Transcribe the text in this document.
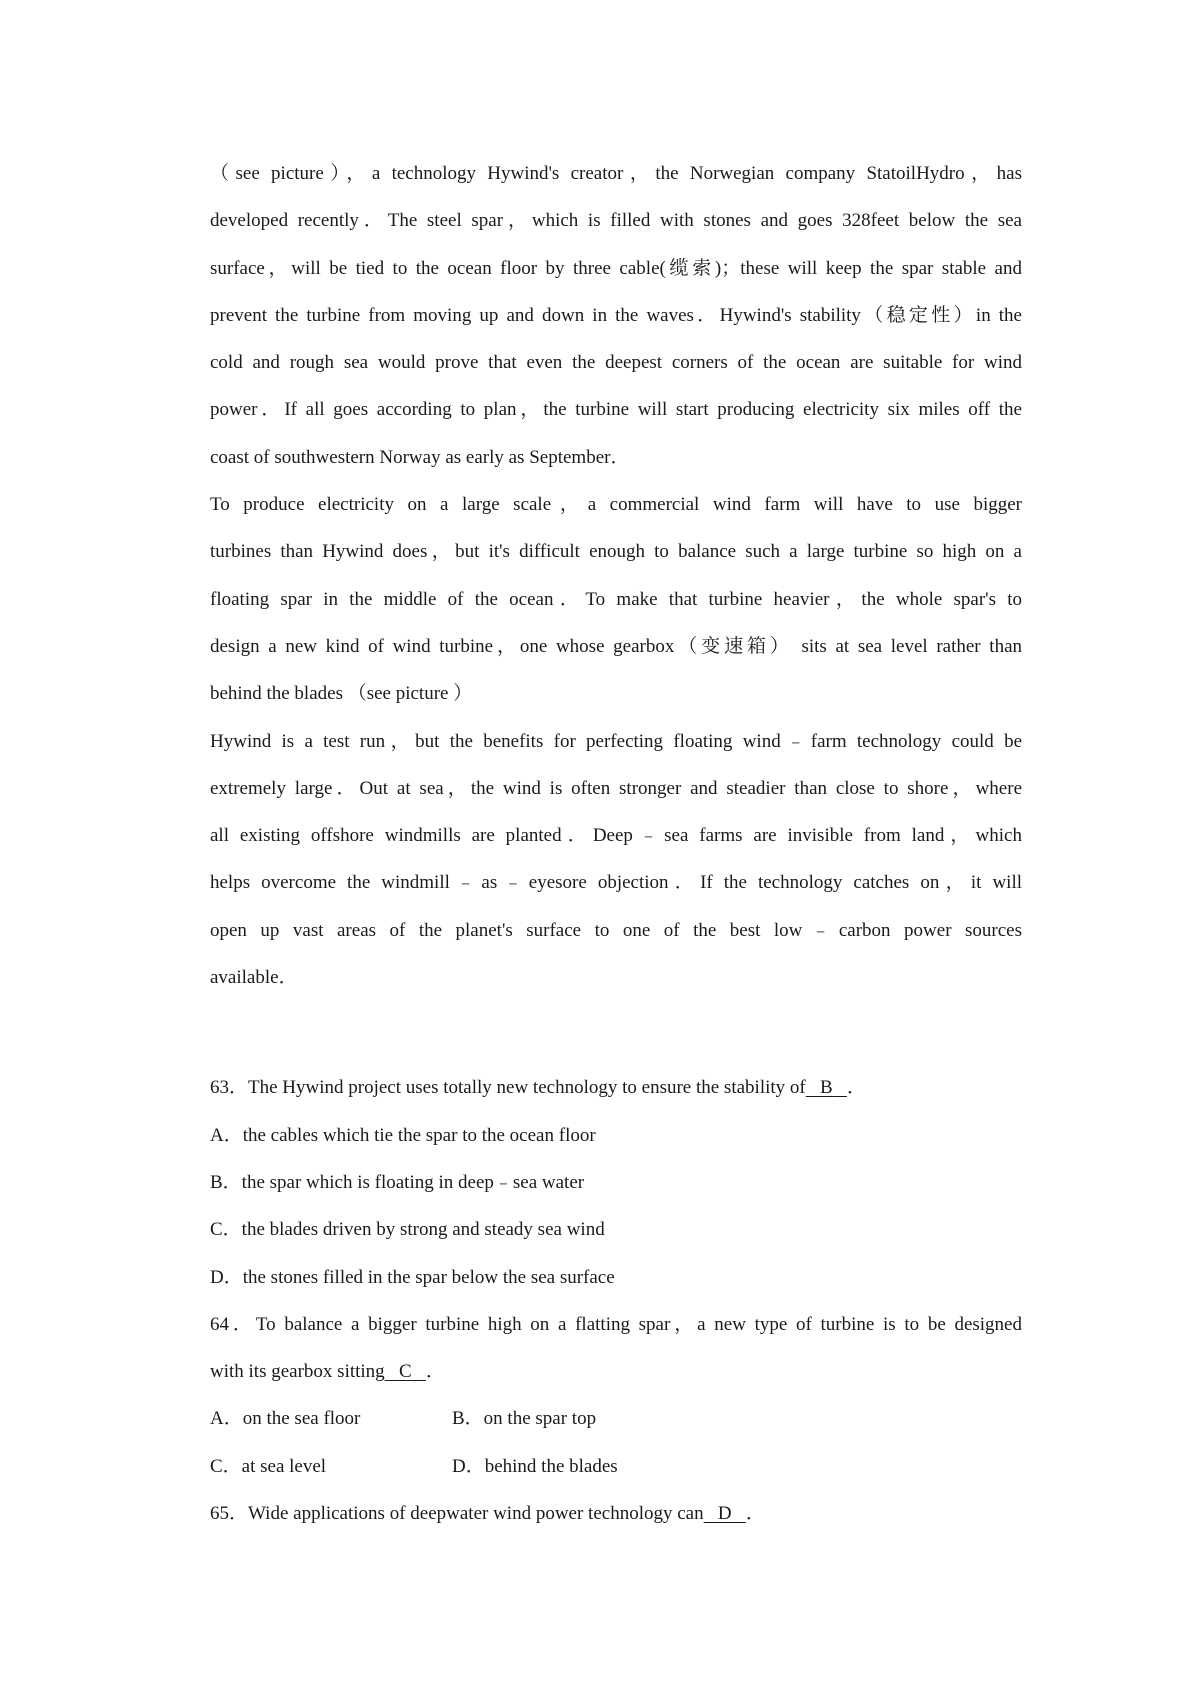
（see picture），a technology Hywind's creator，the Norwegian company StatoilHydro，has
developed recently．The steel spar，which is filled with stones and goes 328feet below the sea
surface，will be tied to the ocean floor by three cable(缆索)；these will keep the spar stable and
prevent the turbine from moving up and down in the waves．Hywind's stability（稳定性）in the
cold and rough sea would prove that even the deepest corners of the ocean are suitable for wind
power．If all goes according to plan，the turbine will start producing electricity six miles off the
coast of southwestern Norway as early as September．
To produce electricity on a large scale，a commercial wind farm will have to use bigger
turbines than Hywind does，but it's difficult enough to balance such a large turbine so high on a
floating spar in the middle of the ocean．To make that turbine heavier，the whole spar's to
design a new kind of wind turbine，one whose gearbox（变速箱） sits at sea level rather than
behind the blades （see picture ）
Hywind is a test run，but the benefits for perfecting floating wind﹣farm technology could be
extremely large．Out at sea，the wind is often stronger and steadier than close to shore，where
all existing offshore windmills are planted．Deep﹣sea farms are invisible from land，which
helps overcome the windmill﹣as﹣eyesore objection．If the technology catches on，it will
open up vast areas of the planet's surface to one of the best low﹣carbon power sources
available．

63．The Hywind project uses totally new technology to ensure the stability of B ．

A．the cables which tie the spar to the ocean floor

B．the spar which is floating in deep﹣sea water

C．the blades driven by strong and steady sea wind

D．the stones filled in the spar below the sea surface

64．To balance a bigger turbine high on a flatting spar，a new type of turbine is to be designed

with its gearbox sitting C ．

A．on the sea floor	B．on the spar top
C．at sea level	D．behind the blades

65．Wide applications of deepwater wind power technology can D ．
